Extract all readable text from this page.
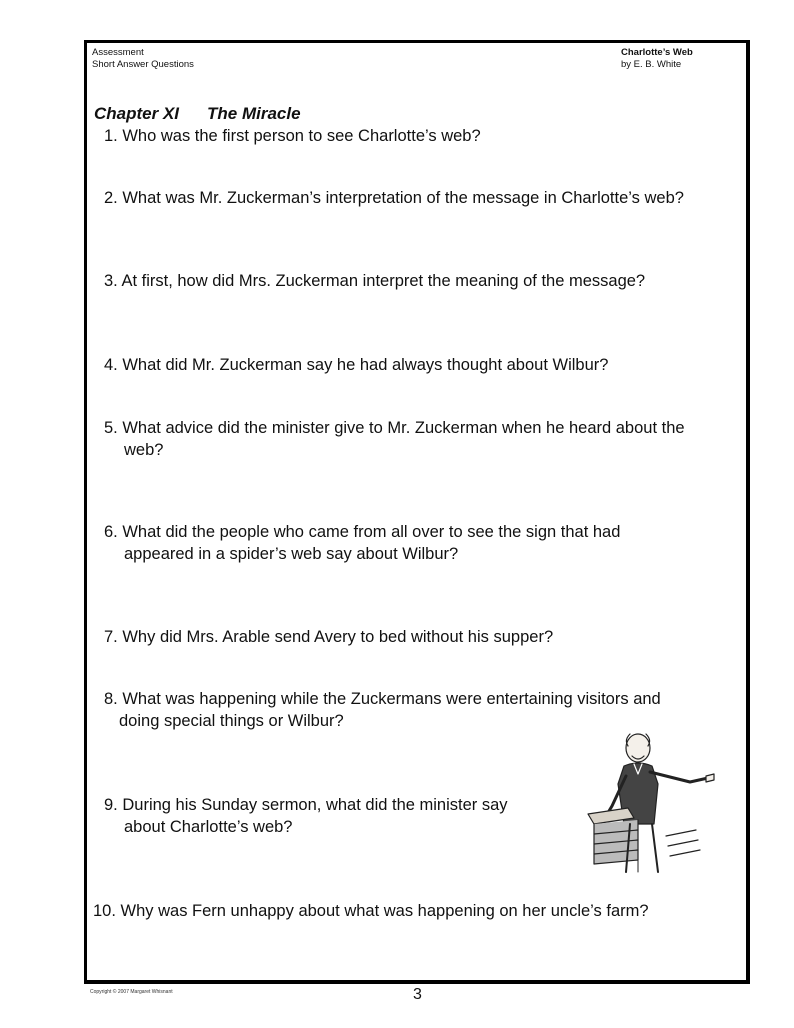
Assessment
Short Answer Questions
Charlotte’s Web
by E. B. White
Chapter XI The Miracle
1. Who was the first person to see Charlotte’s web?
2. What was Mr. Zuckerman’s interpretation of the message in Charlotte’s web?
3. At first, how did Mrs. Zuckerman interpret the meaning of the message?
4. What did Mr. Zuckerman say he had always thought about Wilbur?
5. What advice did the minister give to Mr. Zuckerman when he heard about the
web?
6. What did the people who came from all over to see the sign that had
appeared in a spider’s web say about Wilbur?
7. Why did Mrs. Arable send Avery to bed without his supper?
8. What was happening while the Zuckermans were entertaining visitors and
doing special things or Wilbur?
9. During his Sunday sermon, what did the minister say
about Charlotte’s web?
10. Why was Fern unhappy about what was happening on her uncle’s farm?
Copyright © 2007 Margaret Whisnant	3
